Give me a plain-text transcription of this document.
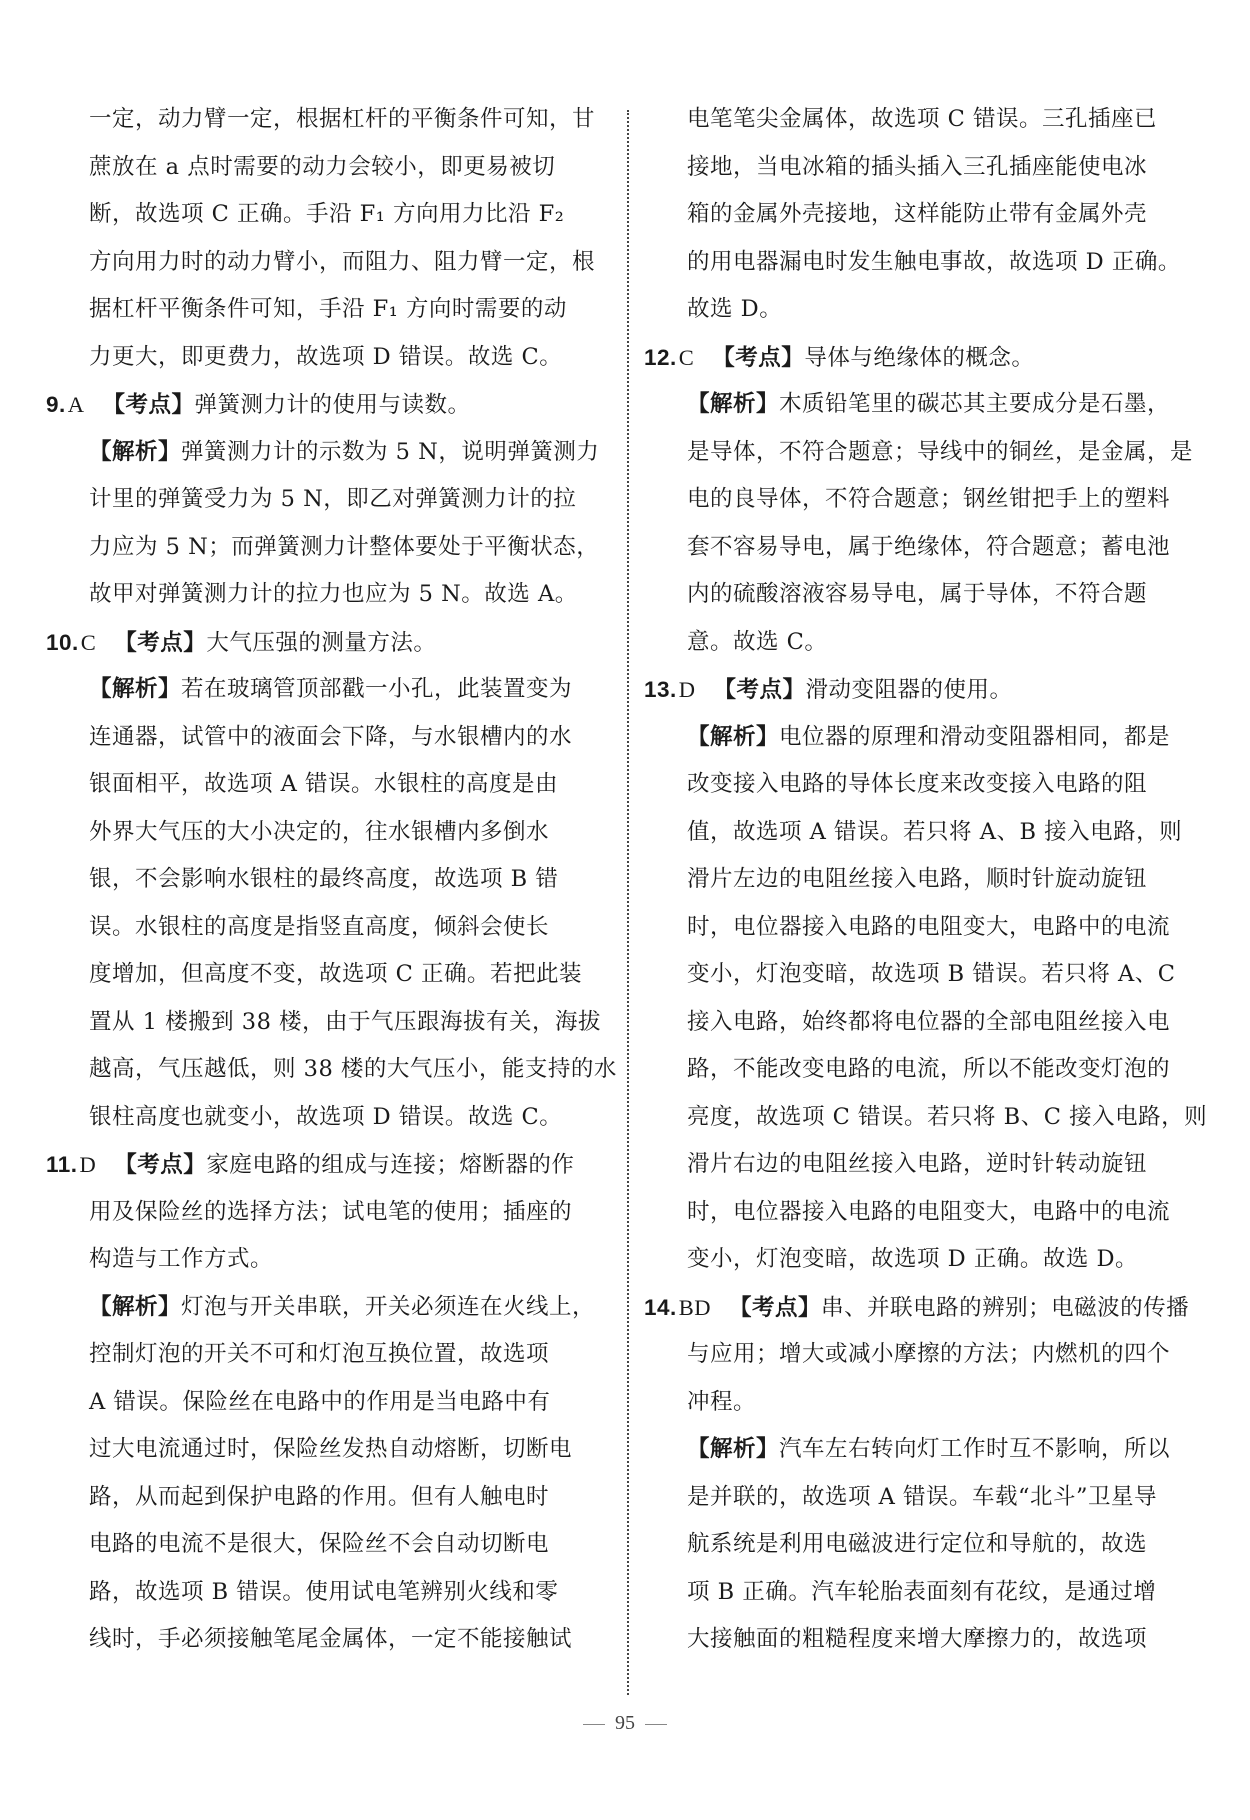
一定，动力臂一定，根据杠杆的平衡条件可知，甘
蔗放在 a 点时需要的动力会较小，即更易被切
断，故选项 C 正确。手沿 F₁ 方向用力比沿 F₂
方向用力时的动力臂小，而阻力、阻力臂一定，根
据杠杆平衡条件可知，手沿 F₁ 方向时需要的动
力更大，即更费力，故选项 D 错误。故选 C。
9.A 【考点】弹簧测力计的使用与读数。
【解析】弹簧测力计的示数为 5 N，说明弹簧测力
计里的弹簧受力为 5 N，即乙对弹簧测力计的拉
力应为 5 N；而弹簧测力计整体要处于平衡状态，
故甲对弹簧测力计的拉力也应为 5 N。故选 A。
10.C 【考点】大气压强的测量方法。
【解析】若在玻璃管顶部戳一小孔，此装置变为
连通器，试管中的液面会下降，与水银槽内的水
银面相平，故选项 A 错误。水银柱的高度是由
外界大气压的大小决定的，往水银槽内多倒水
银，不会影响水银柱的最终高度，故选项 B 错
误。水银柱的高度是指竖直高度，倾斜会使长
度增加，但高度不变，故选项 C 正确。若把此装
置从 1 楼搬到 38 楼，由于气压跟海拔有关，海拔
越高，气压越低，则 38 楼的大气压小，能支持的水
银柱高度也就变小，故选项 D 错误。故选 C。
11.D 【考点】家庭电路的组成与连接；熔断器的作
用及保险丝的选择方法；试电笔的使用；插座的
构造与工作方式。
【解析】灯泡与开关串联，开关必须连在火线上，
控制灯泡的开关不可和灯泡互换位置，故选项
A 错误。保险丝在电路中的作用是当电路中有
过大电流通过时，保险丝发热自动熔断，切断电
路，从而起到保护电路的作用。但有人触电时
电路的电流不是很大，保险丝不会自动切断电
路，故选项 B 错误。使用试电笔辨别火线和零
线时，手必须接触笔尾金属体，一定不能接触试
电笔笔尖金属体，故选项 C 错误。三孔插座已
接地，当电冰箱的插头插入三孔插座能使电冰
箱的金属外壳接地，这样能防止带有金属外壳
的用电器漏电时发生触电事故，故选项 D 正确。
故选 D。
12.C 【考点】导体与绝缘体的概念。
【解析】木质铅笔里的碳芯其主要成分是石墨，
是导体，不符合题意；导线中的铜丝，是金属，是
电的良导体，不符合题意；钢丝钳把手上的塑料
套不容易导电，属于绝缘体，符合题意；蓄电池
内的硫酸溶液容易导电，属于导体，不符合题
意。故选 C。
13.D 【考点】滑动变阻器的使用。
【解析】电位器的原理和滑动变阻器相同，都是
改变接入电路的导体长度来改变接入电路的阻
值，故选项 A 错误。若只将 A、B 接入电路，则
滑片左边的电阻丝接入电路，顺时针旋动旋钮
时，电位器接入电路的电阻变大，电路中的电流
变小，灯泡变暗，故选项 B 错误。若只将 A、C
接入电路，始终都将电位器的全部电阻丝接入电
路，不能改变电路的电流，所以不能改变灯泡的
亮度，故选项 C 错误。若只将 B、C 接入电路，则
滑片右边的电阻丝接入电路，逆时针转动旋钮
时，电位器接入电路的电阻变大，电路中的电流
变小，灯泡变暗，故选项 D 正确。故选 D。
14.BD 【考点】串、并联电路的辨别；电磁波的传播
与应用；增大或减小摩擦的方法；内燃机的四个
冲程。
【解析】汽车左右转向灯工作时互不影响，所以
是并联的，故选项 A 错误。车载“北斗”卫星导
航系统是利用电磁波进行定位和导航的，故选
项 B 正确。汽车轮胎表面刻有花纹，是通过增
大接触面的粗糙程度来增大摩擦力的，故选项
95
